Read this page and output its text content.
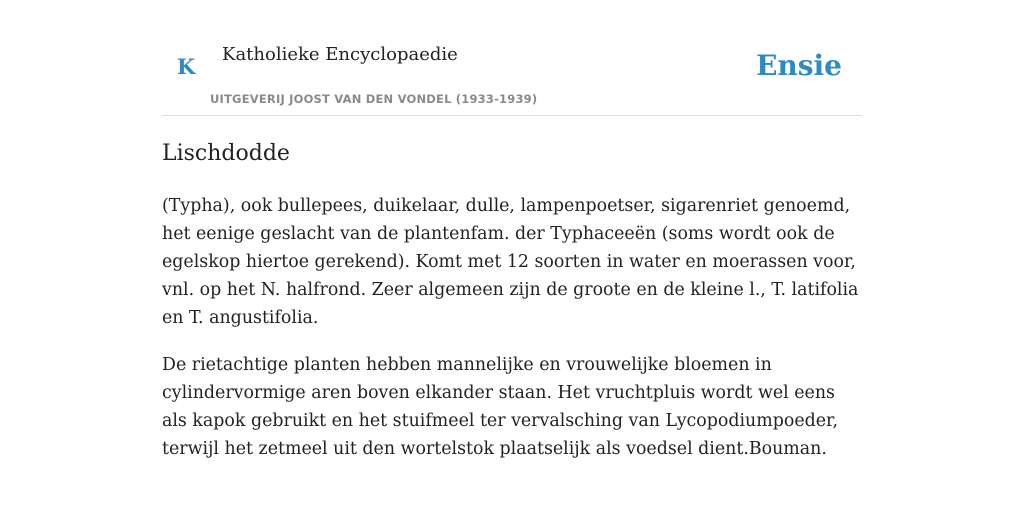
K Katholieke Encyclopaedie
UITGEVERIJ JOOST VAN DEN VONDEL (1933-1939)
Ensie
Lischdodde

(Typha), ook bullepees, duikelaar, dulle, lampenpoetser, sigarenriet genoemd, het eenige geslacht van de plantenfam. der Typhaceeën (soms wordt ook de egelskop hiertoe gerekend). Komt met 12 soorten in water en moerassen voor, vnl. op het N. halfrond. Zeer algemeen zijn de groote en de kleine l., T. latifolia en T. angustifolia.

De rietachtige planten hebben mannelijke en vrouwelijke bloemen in cylindervormige aren boven elkander staan. Het vruchtpluis wordt wel eens als kapok gebruikt en het stuifmeel ter vervalsching van Lycopodiumpoeder, terwijl het zetmeel uit den wortelstok plaatselijk als voedsel dient.Bouman.
